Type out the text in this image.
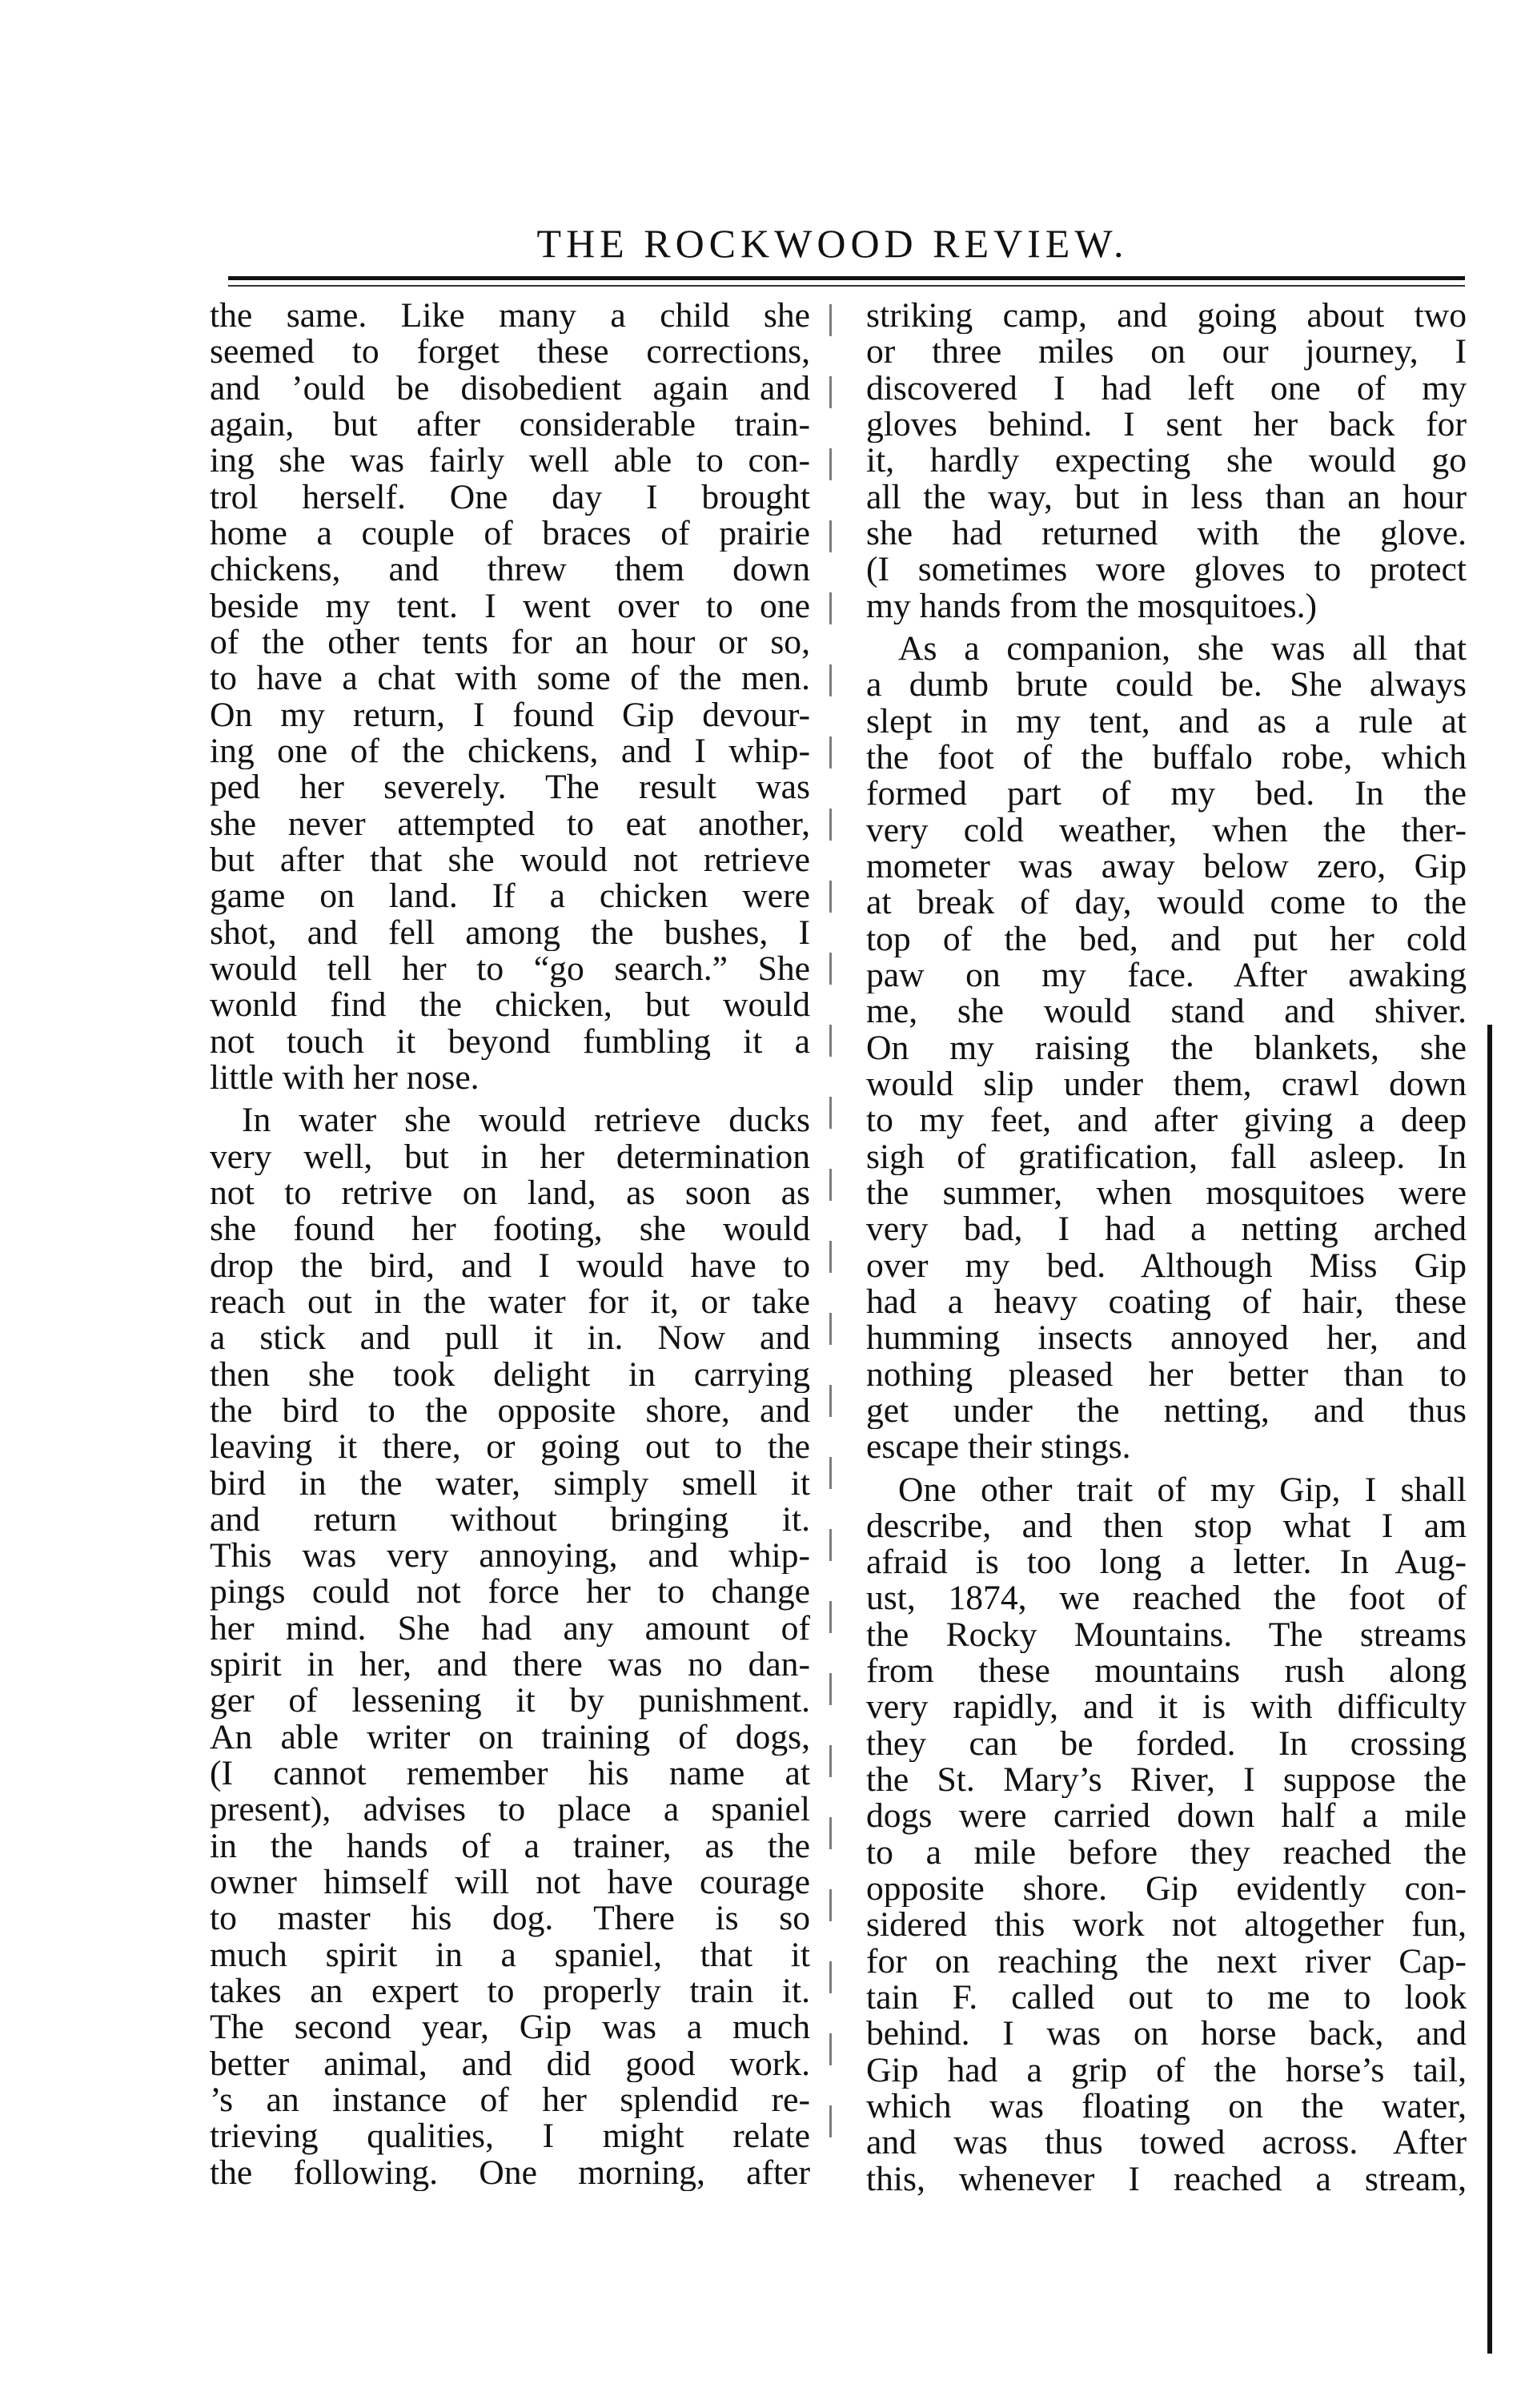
THE ROCKWOOD REVIEW.
the same. Like many a child she
seemed to forget these corrections,
and ’ould be disobedient again and
again, but after considerable train-
ing she was fairly well able to con-
trol herself. One day I brought
home a couple of braces of prairie
chickens, and threw them down
beside my tent. I went over to one
of the other tents for an hour or so,
to have a chat with some of the men.
On my return, I found Gip devour-
ing one of the chickens, and I whip-
ped her severely. The result was
she never attempted to eat another,
but after that she would not retrieve
game on land. If a chicken were
shot, and fell among the bushes, I
would tell her to “go search.” She
wonld find the chicken, but would
not touch it beyond fumbling it a
little with her nose.
In water she would retrieve ducks
very well, but in her determination
not to retrive on land, as soon as
she found her footing, she would
drop the bird, and I would have to
reach out in the water for it, or take
a stick and pull it in. Now and
then she took delight in carrying
the bird to the opposite shore, and
leaving it there, or going out to the
bird in the water, simply smell it
and return without bringing it.
This was very annoying, and whip-
pings could not force her to change
her mind. She had any amount of
spirit in her, and there was no dan-
ger of lessening it by punishment.
An able writer on training of dogs,
(I cannot remember his name at
present), advises to place a spaniel
in the hands of a trainer, as the
owner himself will not have courage
to master his dog. There is so
much spirit in a spaniel, that it
takes an expert to properly train it.
The second year, Gip was a much
better animal, and did good work.
’s an instance of her splendid re-
trieving qualities, I might relate
the following. One morning, after
striking camp, and going about two
or three miles on our journey, I
discovered I had left one of my
gloves behind. I sent her back for
it, hardly expecting she would go
all the way, but in less than an hour
she had returned with the glove.
(I sometimes wore gloves to protect
my hands from the mosquitoes.)
As a companion, she was all that
a dumb brute could be. She always
slept in my tent, and as a rule at
the foot of the buffalo robe, which
formed part of my bed. In the
very cold weather, when the ther-
mometer was away below zero, Gip
at break of day, would come to the
top of the bed, and put her cold
paw on my face. After awaking
me, she would stand and shiver.
On my raising the blankets, she
would slip under them, crawl down
to my feet, and after giving a deep
sigh of gratification, fall asleep. In
the summer, when mosquitoes were
very bad, I had a netting arched
over my bed. Although Miss Gip
had a heavy coating of hair, these
humming insects annoyed her, and
nothing pleased her better than to
get under the netting, and thus
escape their stings.
One other trait of my Gip, I shall
describe, and then stop what I am
afraid is too long a letter. In Aug-
ust, 1874, we reached the foot of
the Rocky Mountains. The streams
from these mountains rush along
very rapidly, and it is with difficulty
they can be forded. In crossing
the St. Mary’s River, I suppose the
dogs were carried down half a mile
to a mile before they reached the
opposite shore. Gip evidently con-
sidered this work not altogether fun,
for on reaching the next river Cap-
tain F. called out to me to look
behind. I was on horse back, and
Gip had a grip of the horse’s tail,
which was floating on the water,
and was thus towed across. After
this, whenever I reached a stream,
